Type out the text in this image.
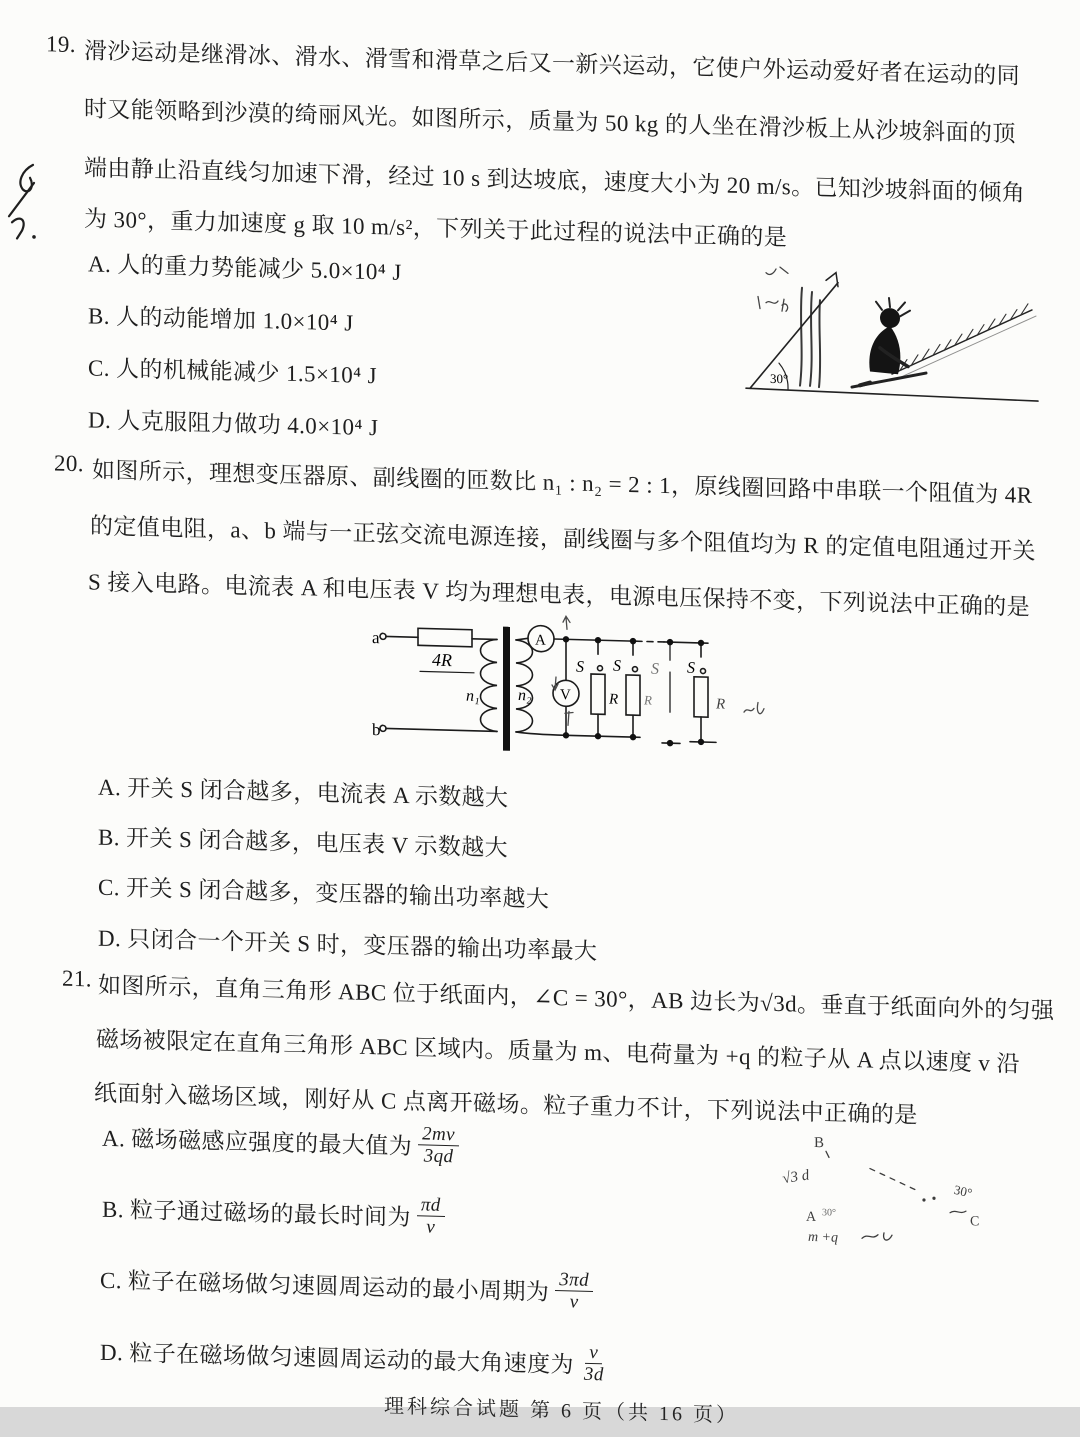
19. 滑沙运动是继滑冰、滑水、滑雪和滑草之后又一新兴运动，它使户外运动爱好者在运动的同
时又能领略到沙漠的绮丽风光。如图所示，质量为 50 kg 的人坐在滑沙板上从沙坡斜面的顶
端由静止沿直线匀加速下滑，经过 10 s 到达坡底，速度大小为 20 m/s。已知沙坡斜面的倾角
为 30°，重力加速度 g 取 10 m/s²，下列关于此过程的说法中正确的是
A. 人的重力势能减少 5.0×10⁴ J
B. 人的动能增加 1.0×10⁴ J
C. 人的机械能减少 1.5×10⁴ J
D. 人克服阻力做功 4.0×10⁴ J
30°
20. 如图所示，理想变压器原、副线圈的匝数比 n₁ : n₂ = 2 : 1，原线圈回路中串联一个阻值为 4R
的定值电阻，a、b 端与一正弦交流电源连接，副线圈与多个阻值均为 R 的定值电阻通过开关
S 接入电路。电流表 A 和电压表 V 均为理想电表，电源电压保持不变，下列说法中正确的是
a
b
4R
n₁ n₂
A
V
S S S S
R R	R
A. 开关 S 闭合越多，电流表 A 示数越大
B. 开关 S 闭合越多，电压表 V 示数越大
C. 开关 S 闭合越多，变压器的输出功率越大
D. 只闭合一个开关 S 时，变压器的输出功率最大
21. 如图所示，直角三角形 ABC 位于纸面内，∠C = 30°，AB 边长为√3d。垂直于纸面向外的匀强
磁场被限定在直角三角形 ABC 区域内。质量为 m、电荷量为 +q 的粒子从 A 点以速度 v 沿
纸面射入磁场区域，刚好从 C 点离开磁场。粒子重力不计，下列说法中正确的是
A. 磁场磁感应强度的最大值为 $\frac{2mv}{3qd}$
B. 粒子通过磁场的最长时间为 $\frac{\pi d}{v}$
C. 粒子在磁场做匀速圆周运动的最小周期为 $\frac{3\pi d}{v}$
D. 粒子在磁场做匀速圆周运动的最大角速度为 $\frac{v}{3d}$
B
√3 d
30°
C
A 30°
m +q
理科综合试题 第 6 页（共 16 页）
